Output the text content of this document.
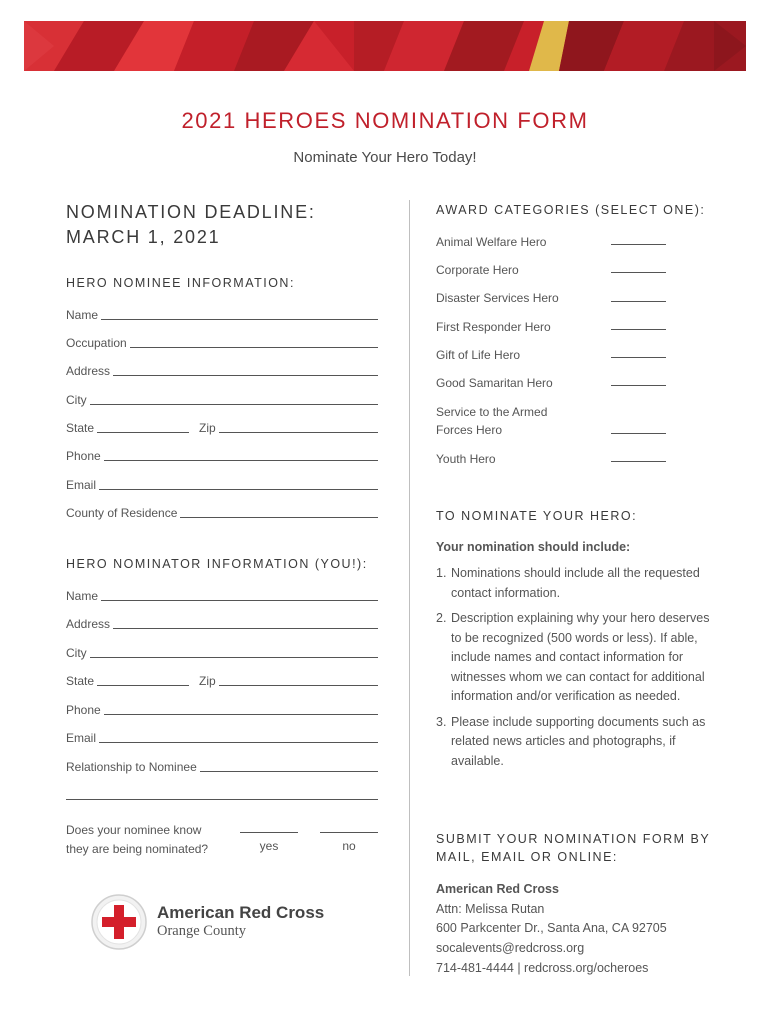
2021 HEROES NOMINATION FORM
Nominate Your Hero Today!
NOMINATION DEADLINE:
MARCH 1, 2021
HERO NOMINEE INFORMATION:
Name
Occupation
Address
City
State	Zip
Phone
Email
County of Residence
HERO NOMINATOR INFORMATION (YOU!):
Name
Address
City
State	Zip
Phone
Email
Relationship to Nominee
Does your nominee know
they are being nominated?	yes	no
American Red Cross
Orange County
AWARD CATEGORIES (SELECT ONE):
Animal Welfare Hero
Corporate Hero
Disaster Services Hero
First Responder Hero
Gift of Life Hero
Good Samaritan Hero
Service to the Armed
Forces Hero
Youth Hero
TO NOMINATE YOUR HERO:
Your nomination should include:
1. Nominations should include all the requested contact information.
2. Description explaining why your hero deserves to be recognized (500 words or less). If able, include names and contact information for witnesses whom we can contact for additional information and/or verification as needed.
3. Please include supporting documents such as related news articles and photographs, if available.
SUBMIT YOUR NOMINATION FORM BY
MAIL, EMAIL OR ONLINE:
American Red Cross
Attn: Melissa Rutan
600 Parkcenter Dr., Santa Ana, CA 92705
socalevents@redcross.org
714-481-4444 | redcross.org/ocheroes
